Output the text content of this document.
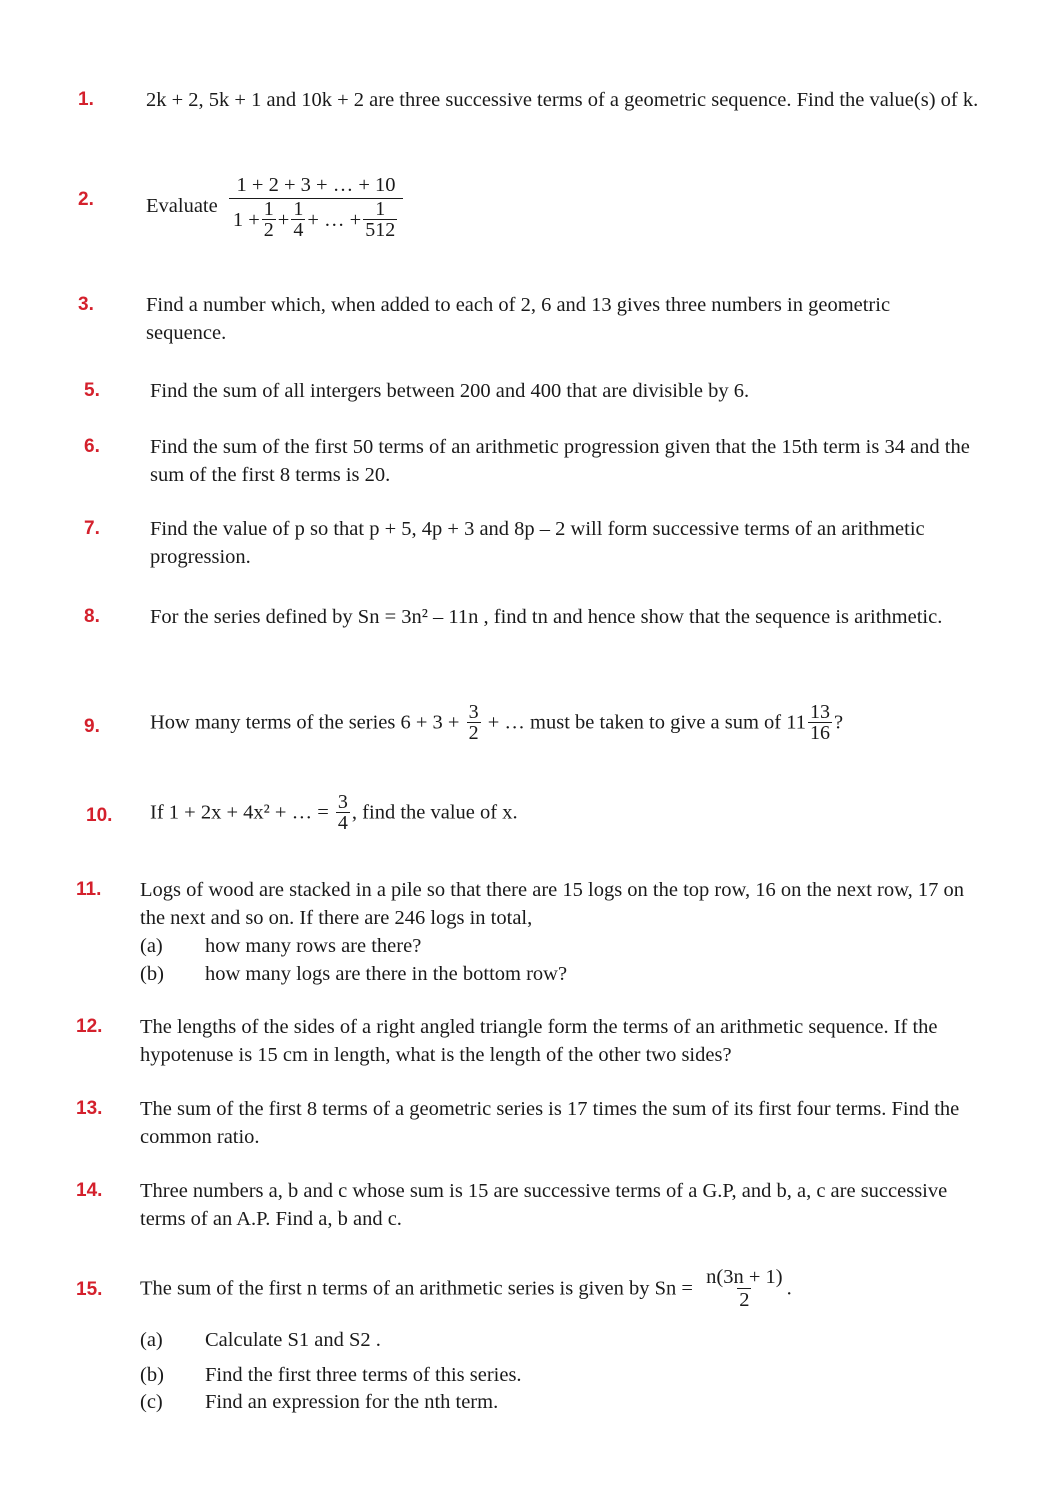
1.	2k + 2, 5k + 1 and 10k + 2 are three successive terms of a geometric sequence. Find the value(s) of k.
2.	Evaluate
1 + 2 + 3 + … + 10
$1 + \frac{1}{2} + \frac{1}{4}$ + … + $\frac{1}{512}$
3.	Find a number which, when added to each of 2, 6 and 13 gives three numbers in geometric sequence.
5. Find the sum of all intergers between 200 and 400 that are divisible by 6.
6. Find the sum of the first 50 terms of an arithmetic progression given that the 15th term is 34 and the sum of the first 8 terms is 20.
7. Find the value of p so that p + 5, 4p + 3 and 8p – 2 will form successive terms of an arithmetic progression.
8. For the series defined by Sn = 3n² – 11n , find tn and hence show that the sequence is arithmetic.
9. How many terms of the series $6 + 3 + \frac{3}{2}$ + … must be taken to give a sum of $11 \frac{13}{16}$ ?
10. If 1 + 2x + 4x² + … = $\frac{3}{4}$ , find the value of x.
11. Logs of wood are stacked in a pile so that there are 15 logs on the top row, 16 on the next row, 17 on the next and so on. If there are 246 logs in total,
(a) how many rows are there?
(b) how many logs are there in the bottom row?
12. The lengths of the sides of a right angled triangle form the terms of an arithmetic sequence. If the hypotenuse is 15 cm in length, what is the length of the other two sides?
13. The sum of the first 8 terms of a geometric series is 17 times the sum of its first four terms. Find the common ratio.
14. Three numbers a, b and c whose sum is 15 are successive terms of a G.P, and b, a, c are successive terms of an A.P. Find a, b and c.
15. The sum of the first n terms of an arithmetic series is given by $Sn = \frac{n(3n + 1)}{2}$ .
(a) Calculate S1 and S2 .
(b) Find the first three terms of this series.
(c) Find an expression for the nth term.
